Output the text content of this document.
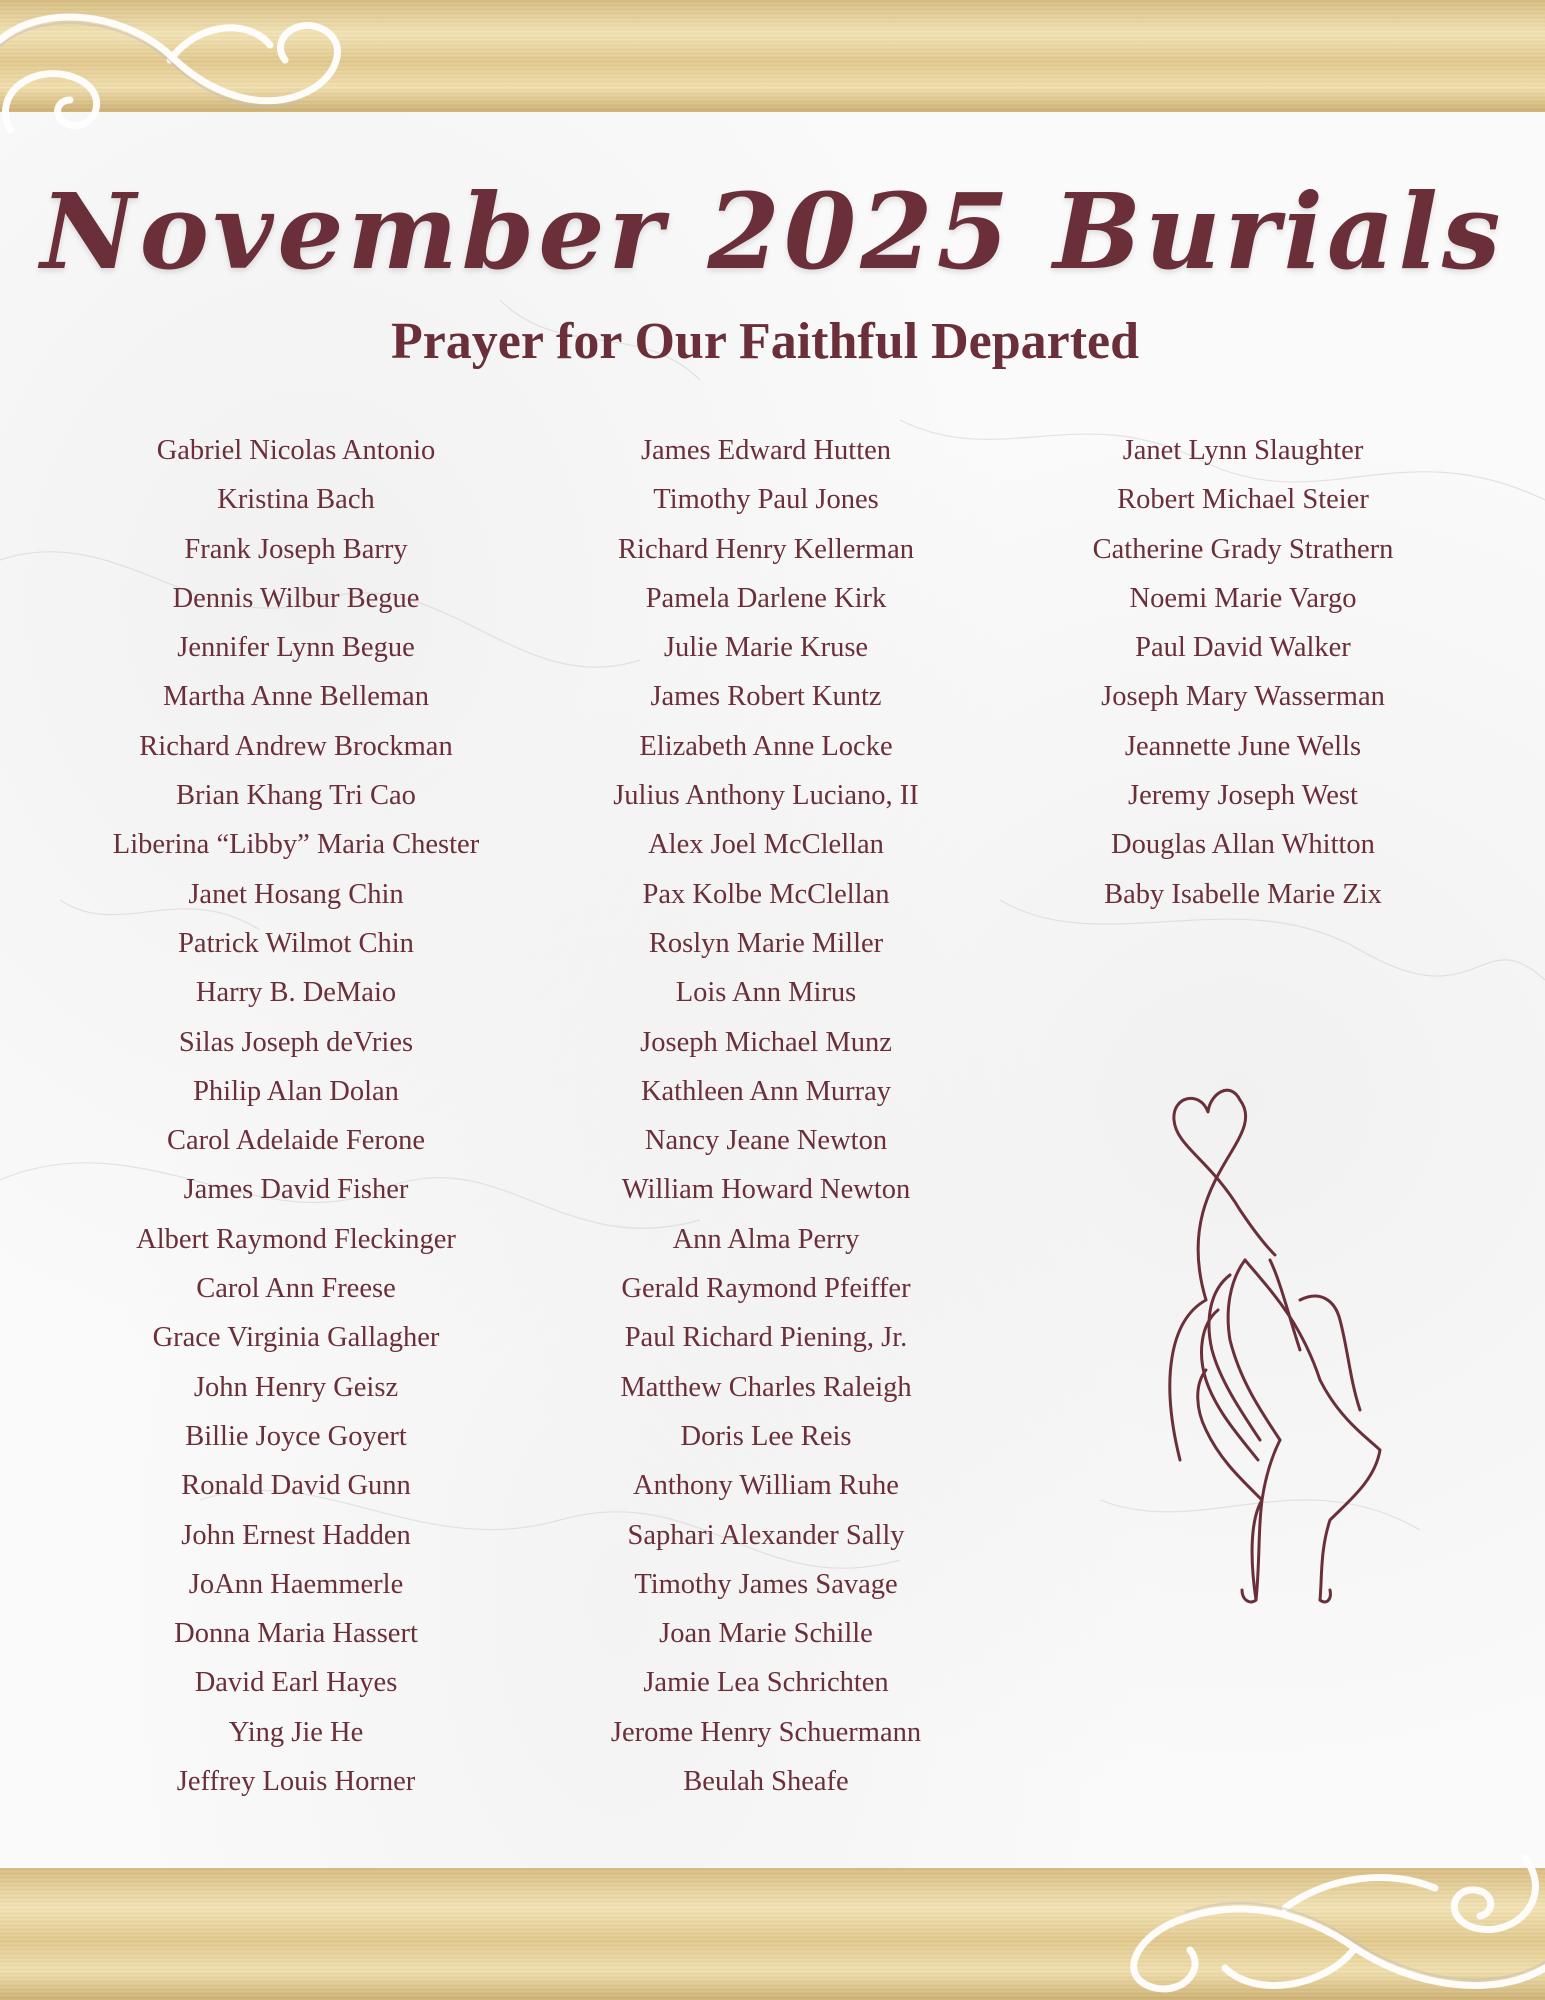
November 2025 Burials
Prayer for Our Faithful Departed
Gabriel Nicolas Antonio
Kristina Bach
Frank Joseph Barry
Dennis Wilbur Begue
Jennifer Lynn Begue
Martha Anne Belleman
Richard Andrew Brockman
Brian Khang Tri Cao
Liberina “Libby” Maria Chester
Janet Hosang Chin
Patrick Wilmot Chin
Harry B. DeMaio
Silas Joseph deVries
Philip Alan Dolan
Carol Adelaide Ferone
James David Fisher
Albert Raymond Fleckinger
Carol Ann Freese
Grace Virginia Gallagher
John Henry Geisz
Billie Joyce Goyert
Ronald David Gunn
John Ernest Hadden
JoAnn Haemmerle
Donna Maria Hassert
David Earl Hayes
Ying Jie He
Jeffrey Louis Horner
James Edward Hutten
Timothy Paul Jones
Richard Henry Kellerman
Pamela Darlene Kirk
Julie Marie Kruse
James Robert Kuntz
Elizabeth Anne Locke
Julius Anthony Luciano, II
Alex Joel McClellan
Pax Kolbe McClellan
Roslyn Marie Miller
Lois Ann Mirus
Joseph Michael Munz
Kathleen Ann Murray
Nancy Jeane Newton
William Howard Newton
Ann Alma Perry
Gerald Raymond Pfeiffer
Paul Richard Piening, Jr.
Matthew Charles Raleigh
Doris Lee Reis
Anthony William Ruhe
Saphari Alexander Sally
Timothy James Savage
Joan Marie Schille
Jamie Lea Schrichten
Jerome Henry Schuermann
Beulah Sheafe
Janet Lynn Slaughter
Robert Michael Steier
Catherine Grady Strathern
Noemi Marie Vargo
Paul David Walker
Joseph Mary Wasserman
Jeannette June Wells
Jeremy Joseph West
Douglas Allan Whitton
Baby Isabelle Marie Zix
